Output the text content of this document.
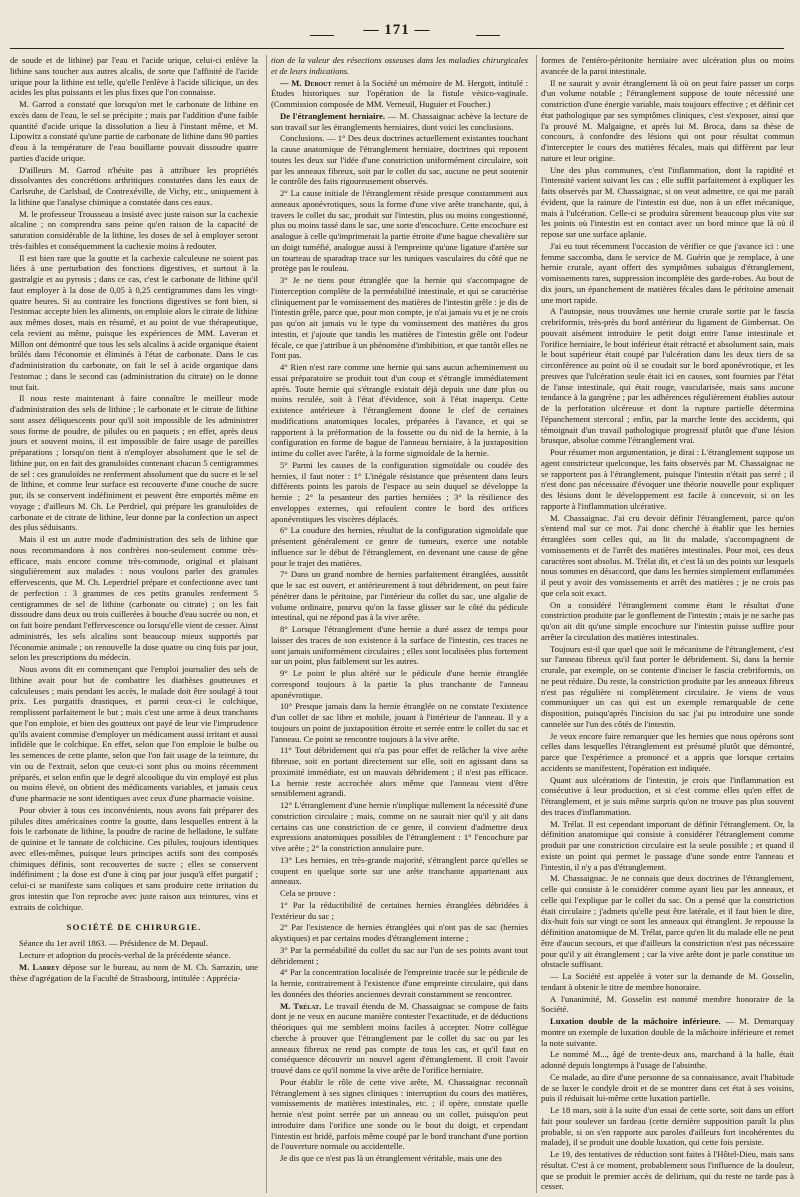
— 171 —

de soude et de lithine) par l'eau et l'acide urique, celui-ci enlève la lithine sans toucher aux autres alcalis, de sorte que l'affinité de l'acide urique pour la lithine est telle, qu'elle l'enlève à l'acide silicique, un des acides les plus puissants et les plus fixes que l'on connaisse.

M. Garrod a constaté que lorsqu'on met le carbonate de lithine en excès dans de l'eau, le sel se précipite ; mais par l'addition d'une faible quantité d'acide urique la dissolution a lieu à l'instant même, et M. Lipowitz a constaté qu'une partie de carbonate de lithine dans 90 parties d'eau à la température de l'eau bouillante pouvait dissoudre quatre parties d'acide urique.

D'ailleurs M. Garrod n'hésite pas à attribuer les propriétés dissolvantes des concrétions arthritiques constatées dans les eaux de Carlsruhe, de Carlsbad, de Contrexéville, de Vichy, etc., uniquement à la lithine que l'analyse chimique a constatée dans ces eaux.

M. le professeur Trousseau a insisté avec juste raison sur la cachexie alcaline ; on comprendra sans peine qu'en raison de la capacité de saturation considérable de la lithine, les doses de sel à employer seront très-faibles et conséquemment la cachexie moins à redouter.

Il est bien rare que la goutte et la cachexie calculeuse ne soient pas liées à une perturbation des fonctions digestives, et surtout à la gastralgie et au pyrosis ; dans ce cas, c'est le carbonate de lithine qu'il faut employer à la dose de 0,05 à 0,25 centigrammes dans les vingt-quatre heures. Si au contraire les fonctions digestives se font bien, si l'estomac accepte bien les aliments, on emploie alors le citrate de lithine aux mêmes doses, mais en résumé, et au point de vue thérapeutique, cela revient au même, puisque les expériences de MM. Laveran et Millon ont démontré que tous les sels alcalins à acide organique étaient brûlés dans l'économie et éliminés à l'état de carbonate. Dans le cas d'administration du carbonate, on fait le sel à acide organique dans l'estomac ; dans le second cas (administration du citrate) on le donne tout fait.

Il nous reste maintenant à faire connaître le meilleur mode d'administration des sels de lithine ; le carbonate et le citrate de lithine sont assez déliquescents pour qu'il soit impossible de les administrer sous forme de poudre, de pilules ou en paquets ; en effet, après deux jours et souvent moins, il est impossible de faire usage de pareilles préparations ; lorsqu'on tient à n'employer absolument que le sel de lithine pur, on en fait des granuloïdes contenant chacun 5 centigrammes de sel : ces granuloïdes ne renferment absolument que du sucre et le sel de lithine, et comme leur surface est recouverte d'une couche de sucre pur, ils se conservent indéfiniment et peuvent être emportés même en voyage ; d'ailleurs M. Ch. Le Perdriel, qui prépare les granuloïdes de carbonate et de citrate de lithine, leur donne par la confection un aspect des plus séduisants.

Mais il est un autre mode d'administration des sels de lithine que nous recommandons à nos confrères non-seulement comme très-efficace, mais encore comme très-commode, original et plaisant singulièrement aux malades : nous voulons parler des granules effervescents, que M. Ch. Leperdriel prépare et confectionne avec tant de perfection : 3 grammes de ces petits granules renferment 5 centigrammes de sel de lithine (carbonate ou citrate) ; on les fait dissoudre dans deux ou trois cuillerées à bouche d'eau sucrée ou non, et on fait boire pendant l'effervescence ou lorsqu'elle vient de cesser. Ainst administrés, les sels alcalins sont beaucoup mieux supportés par l'économie animale ; on renouvelle la dose quatre ou cinq fois par jour, selon les prescriptions du médecin.

Nous avons dit en commençant que l'emploi journalier des sels de lithine avait pour but de combattre les diathèses goutteuses et calculeuses ; mais pendant les accès, le malade doit être soulagé à tout prix. Les purgatifs drastiques, et parmi ceux-ci le colchique, remplissent parfaitement le but ; mais c'est une arme à deux tranchants que l'on emploie, et bien des goutteux ont payé de leur vie l'imprudence qu'ils avaient commise d'employer un médicament aussi irritant et aussi infidèle que le colchique. En effet, selon que l'on emploie le bulbe ou les semences de cette plante, selon que l'on fait usage de la teinture, du vin ou de l'extrait, selon que ceux-ci sont plus ou moins récemment préparés, et selon enfin que le degré alcoolique du vin employé est plus ou moins élevé, on obtient des médicaments variables, et jamais ceux d'une pharmacie ne sont identiques avec ceux d'une pharmacie voisine.

Pour obvier à tous ces inconvénients, nous avons fait préparer des pilules dites américaines contre la goutte, dans lesquelles entrent à la fois le carbonate de lithine, la poudre de racine de belladone, le sulfate de quinine et le tannate de colchicine. Ces pilules, toujours identiques avec elles-mêmes, puisque leurs principes actifs sont des composés chimiques définis, sont recouvertes de sucre ; elles se conservent indéfiniment ; la dose est d'une à cinq par jour jusqu'à effet purgatif ; celui-ci se manifeste sans coliques et sans produire cette irritation du gros intestin que l'on reproche avec juste raison aux teintures, vins et extraits de colchique.

SOCIÉTÉ DE CHIRURGIE.

Séance du 1er avril 1863. — Présidence de M. Depaul.

Lecture et adoption du procès-verbal de la précédente séance.

M. Larrey dépose sur le bureau, au nom de M. Ch. Sarrazin, une thèse d'agrégation de la Faculté de Strasbourg, intitulée : Apprécia-

tion de la valeur des résections osseuses dans les maladies chirurgicales et de leurs indications.

— M. Debout remet à la Société un mémoire de M. Hergott, intitulé : Études historiques sur l'opération de la fistule vésico-vaginale. (Commission composée de MM. Verneuil, Huguier et Foucher.)

De l'étranglement herniaire. — M. Chassaignac achève la lecture de son travail sur les étranglements herniaires, dont voici les conclusions.

Conclusions. — 1° Des deux doctrines actuellement existantes touchant la cause anatomique de l'étranglement herniaire, doctrines qui reposent toutes les deux sur l'idée d'une constriction uniformément circulaire, soit par les anneaux fibreux, soit par le collet du sac, aucune ne peut soutenir le contrôle des faits rigoureusement observés.

2° La cause initiale de l'étranglement réside presque constamment aux anneaux aponévrotiques, sous la forme d'une vive arête tranchante, qui, à travers le collet du sac, produit sur l'intestin, plus ou moins congestionné, plus ou moins tassé dans le sac, une sorte d'encochure. Cette encochure est analogue à celle qu'imprimerait la partie étroite d'une bague chevalière sur un doigt tuméfié, analogue aussi à l'empreinte qu'une ligature d'artère sur un tourteau de sparadrap trace sur les tuniques vasculaires du côté que ne protège pas le rouleau.

3° Je ne tiens pour étranglée que la hernie qui s'accompagne de l'interception complète de la perméabilité intestinale, et qui se caractérise cliniquement par le vomissement des matières de l'intestin grêle : je dis de l'intestin grêle, parce que, pour mon compte, je n'ai jamais vu et je ne crois pas qu'on ait jamais vu le type du vomissement des matières du gros intestin, et j'ajoute que tandis les matières de l'intestin grêle ont l'odeur fécale, ce que j'attribue à un phénomène d'imbibition, et que tantôt elles ne l'ont pas.

4° Rien n'est rare comme une hernie qui sans aucun acheminement ou essai préparatoire se produit tout d'un coup et s'étrangle immédiatement après. Toute hernie qui s'étrangle existait déjà depuis une date plus ou moins reculée, soit à l'état d'évidence, soit à l'état inaperçu. Cette existence antérieure à l'étranglement donne le clef de certaines modifications anatomiques locales, préparées à l'avance, et qui se rapportent à la préformation de la fossette ou du nid de la hernie, à la configuration en forme de bague de l'anneau herniaire, à la juxtaposition intime du collet avec l'arête, à la forme sigmoïdale de la hernie.

5° Parmi les causes de la configuration sigmoïdale ou coudée des hernies, il faut noter : 1° L'inégale résistance que présentent dans leurs différents points les parois de l'espace au sein duquel se développe la hernie ; 2° la pesanteur des parties herniées ; 3° la résilience des enveloppes externes, qui refoulent contre le bord des orifices aponévrotiques les viscères déplacés.

6° La coudure des hernies, résultat de la configuration sigmoïdale que présentent généralement ce genre de tumeurs, exerce une notable influence sur le début de l'étranglement, en devenant une cause de gêne pour le trajet des matières.

7° Dans un grand nombre de hernies parfaitement étranglées, aussitôt que le sac est ouvert, et antérieurement à tout débridement, on peut faire pénétrer dans le péritoine, par l'intérieur du collet du sac, une algalie de volume ordinaire, pourvu qu'on la fasse glisser sur le côté du pédicule intestinal, qui ne répond pas à la vive arête.

8° Lorsque l'étranglement d'une hernie a duré assez de temps pour laisser des traces de son existence à la surface de l'intestin, ces traces ne sont jamais uniformément circulaires ; elles sont localisées plus fortement sur un point, plus faiblement sur les autres.

9° Le point le plus altéré sur le pédicule d'une hernie étranglée correspond toujours à la partie la plus tranchante de l'anneau aponévrotique.

10° Presque jamais dans la hernie étranglée on ne constate l'existence d'un collet de sac libre et mobile, jouant à l'intérieur de l'anneau. Il y a toujours un point de juxtaposition étroite et serrée entre le collet du sac et l'anneau. Ce point se rencontre toujours à la vive arête.

11° Tout débridement qui n'a pas pour effet de relâcher la vive arête fibreuse, soit en portant directement sur elle, soit en agissant dans sa proximité immédiate, est un mauvais débridement ; il n'est pas efficace. La hernie reste accrochée alors même que l'anneau vient d'être sensiblement agrandi.

12° L'étranglement d'une hernie n'implique nullement la nécessité d'une constriction circulaire ; mais, comme on ne saurait nier qu'il y ait dans certains cas une constriction de ce genre, il convient d'admettre deux expressions anatomiques possibles de l'étranglement : 1° l'encochure par vive arête ; 2° la constriction annulaire pure.

13° Les hernies, en très-grande majorité, s'étranglent parce qu'elles se coupent en quelque sorte sur une arête tranchante appartenant aux anneaux.

Cela se prouve :

1° Par la réductibilité de certaines hernies étranglées débridées à l'extérieur du sac ;

2° Par l'existence de hernies étranglées qui n'ont pas de sac (hernies akystiques) et par certains modes d'étranglement interne ;

3° Par la perméabilité du collet du sac sur l'un de ses points avant tout débridement ;

4° Par la concentration localisée de l'empreinte tracée sur le pédicule de la hernie, contrairement à l'existence d'une empreinte circulaire, qui dans les données des théories anciennes devrait constamment se rencontrer.

M. Trélat. Le travail étendu de M. Chassaignac se compose de faits dont je ne veux en aucune manière contester l'exactitude, et de déductions théoriques qui me semblent moins faciles à accepter. Notre collègue cherche à prouver que l'étranglement par le collet du sac ou par les anneaux fibreux ne rend pas compte de tous les cas, et qu'il faut en conséquence découvrir un nouvel agent d'étranglement. Il croit l'avoir trouvé dans ce qu'il nomme la vive arête de l'orifice herniaire.

Pour établir le rôle de cette vive arête, M. Chassaignac reconnaît l'étranglement à ses signes cliniques : interruption du cours des matières, vomissements de matières intestinales, etc. ; il opère, constate quelle hernie n'est point serrée par un anneau ou un collet, puisqu'on peut introduire dans l'orifice une sonde ou le bout du doigt, et cependant l'intestin est bridé, parfois même coupé par le bord tranchant d'une portion de l'ouverture normale ou accidentelle.

Je dis que ce n'est pas là un étranglement véritable, mais une des

formes de l'entéro-péritonite herniaire avec ulcération plus ou moins avancée de la paroi intestinale.

Il ne saurait y avoir étranglement là où on peut faire passer un corps d'un volume notable ; l'étranglement suppose de toute nécessité une constriction d'une énergie variable, mais toujours effective ; et définir cet état pathologique par ses symptômes cliniques, c'est s'exposer, ainsi que l'a prouvé M. Malgaigne, et après lui M. Broca, dans sa thèse de concours, à confondre des lésions qui ont pour résultat commun d'intercepter le cours des matières fécales, mais qui diffèrent par leur nature et leur origine.

Une des plus communes, c'est l'inflammation, dont la rapidité et l'intensité varient suivant les cas ; elle suffit parfaitement à expliquer les faits observés par M. Chassaignac, si on veut admettre, ce qui me paraît évident, que la rainure de l'intestin est due, non à un effet mécanique, mais à l'ulcération. Celle-ci se produira sûrement beaucoup plus vite sur les points où l'intestin est en contact avec un bord mince que là où il repose sur une surface aplanie.

J'ai eu tout récemment l'occasion de vérifier ce que j'avance ici : une femme saccomba, dans le service de M. Guérin que je remplace, à une hernie crurale, ayant offert des symptômes subaigus d'étranglement, vomissements rares, suppression incomplète des garde-robes. Au bout de dix jours, un épanchement de matières fécales dans le péritoine amenait une mort rapide.

A l'autopsie, nous trouvâmes une hernie crurale sortie par le fascia crebriformis, très-près du bord antérieur du ligament de Gimbernat. On pouvait aisément introduire le petit doigt entre l'anse intestinale et l'orifice herniaire, le bout inférieur était rétracté et absolument sain, mais le bout supérieur était coupé par l'ulcération dans les deux tiers de sa circonférence au point où il se coudait sur le bord aponévrotique, et les preuves que l'ulcération seule était ici en causes, sont fournies par l'état de l'anse intestinale, qui était rouge, vascularisée, mais sans aucune tendance à la gangrène ; par les adhérences régulièrement établies autour de la perforation ulcéreuse et dont la rupture partielle détermina l'épanchement stercoral ; enfin, par la marche lente des accidents, qui témoignait d'un travail pathologique progressif plutôt que d'une lésion brusque, absolue comme l'étranglement vrai.

Pour résumer mon argumentation, je dirai : L'étranglement suppose un agent constricteur quelconque, les faits observés par M. Chassaignac ne se rapportent pas à l'étranglement, puisque l'intestin n'était pas serré ; il n'est donc pas nécessaire d'évoquer une théorie nouvelle pour expliquer des lésions dont le développement est facile à concevoir, si on les rapporte à l'inflammation ulcérative.

M. Chassaignac. J'ai cru devoir définir l'étranglement, parce qu'on s'entend mal sur ce mot. J'ai donc cherché à établir que les hernies étranglées sont celles qui, au lit du malade, s'accompagnent de vomissements et de l'arrêt des matières intestinales. Pour moi, ces deux caractères sont absolus. M. Trélat dit, et c'est là un des points sur lesquels nous sommes en désaccord, que dans les hernies simplement enflammées il peut y avoir des vomissements et arrêt des matières ; je ne crois pas que cela soit exact.

On a considéré l'étranglement comme étant le résultat d'une constriction produite par le gonflement de l'intestin ; mais je ne sache pas qu'on ait dit qu'une simple encochure sur l'intestin puisse suffire pour arrêter la circulation des matières intestinales.

Toujours est-il que quel que soit le mécanisme de l'étranglement, c'est sur l'anneau fibreux qu'il faut porter le débridement. Si, dans la hernie crurale, par exemple, on se contente d'inciser le fascia crebriformis, on ne peut réduire. Du reste, la constriction produite par les anneaux fibreux n'est pas régulière ni complètement circulaire. Je viens de vous communiquer un cas qui est un exemple remarquable de cette disposition, puisqu'après l'incision du sac j'ai pu introduire une sonde cannelée sur l'un des côtés de l'intestin.

Je veux encore faire remarquer que les hernies que nous opérons sont celles dans lesquelles l'étranglement est présumé plutôt que démontré, parce que l'expérience a prononcé et a appris que lorsque certains accidents se manifestent, l'opération est indiquée.

Quant aux ulcérations de l'intestin, je crois que l'inflammation est consécutive à leur production, et si c'est comme elles qu'en effet de l'étranglement, et je suis même surpris qu'on ne trouve pas plus souvent des traces d'inflammation.

M. Trélat. Il est cependant important de définir l'étranglement. Or, la définition anatomique qui consiste à considérer l'étranglement comme produit par une constriction circulaire est la seule possible ; et quand il existe un point qui permet le passage d'une sonde entre l'anneau et l'intestin, il n'y a pas d'étranglement.

M. Chassaignac. Je ne connais que deux doctrines de l'étranglement, celle qui consiste à le considérer comme ayant lieu par les anneaux, et celle qui l'explique par le collet du sac. On a pensé que la constriction était circulaire ; j'admets qu'elle peut être latérale, et il faut bien le dire, dix-huit fois sur vingt ce sont les anneaux qui étranglent. Je repousse la définition anatomique de M. Trélat, parce qu'en lit du malade elle ne peut être d'aucun secours, et que d'ailleurs la constriction n'est pas nécessaire pour qu'il y ait étranglement ; car la vive arête dont je parle constitue un obstacle suffisant.

— La Société est appelée à voter sur la demande de M. Gosselin, tendant à obtenir le titre de membre honoraire.

A l'unanimité, M. Gosselin est nommé membre honoraire de la Société.

Luxation double de la mâchoire inférieure. — M. Demarquay montre un exemple de luxation double de la mâchoire inférieure et remet la note suivante.

Le nommé M..., âgé de trente-deux ans, marchand à la halle, était adonné depuis longtemps à l'usage de l'absinthe.

Ce malade, au dire d'une personne de sa connaissance, avait l'habitude de se luxer le condyle droit et de se montrer dans cet état à ses voisins, puis il réduisait lui-même cette luxation partielle.

Le 18 mars, soit à la suite d'un essai de cette sorte, soit dans un effort fait pour soulever un fardeau (cette dernière supposition paraît la plus probable, si on s'en rapporte aux paroles d'ailleurs fort incohérentes du malade), il se produit une double luxation, qui cette fois persiste.

Le 19, des tentatives de réduction sont faites à l'Hôtel-Dieu, mais sans résultat. C'est à ce moment, probablement sous l'influence de la douleur, que se produit le premier accès de delirium, qui du reste ne tarde pas à cesser.
